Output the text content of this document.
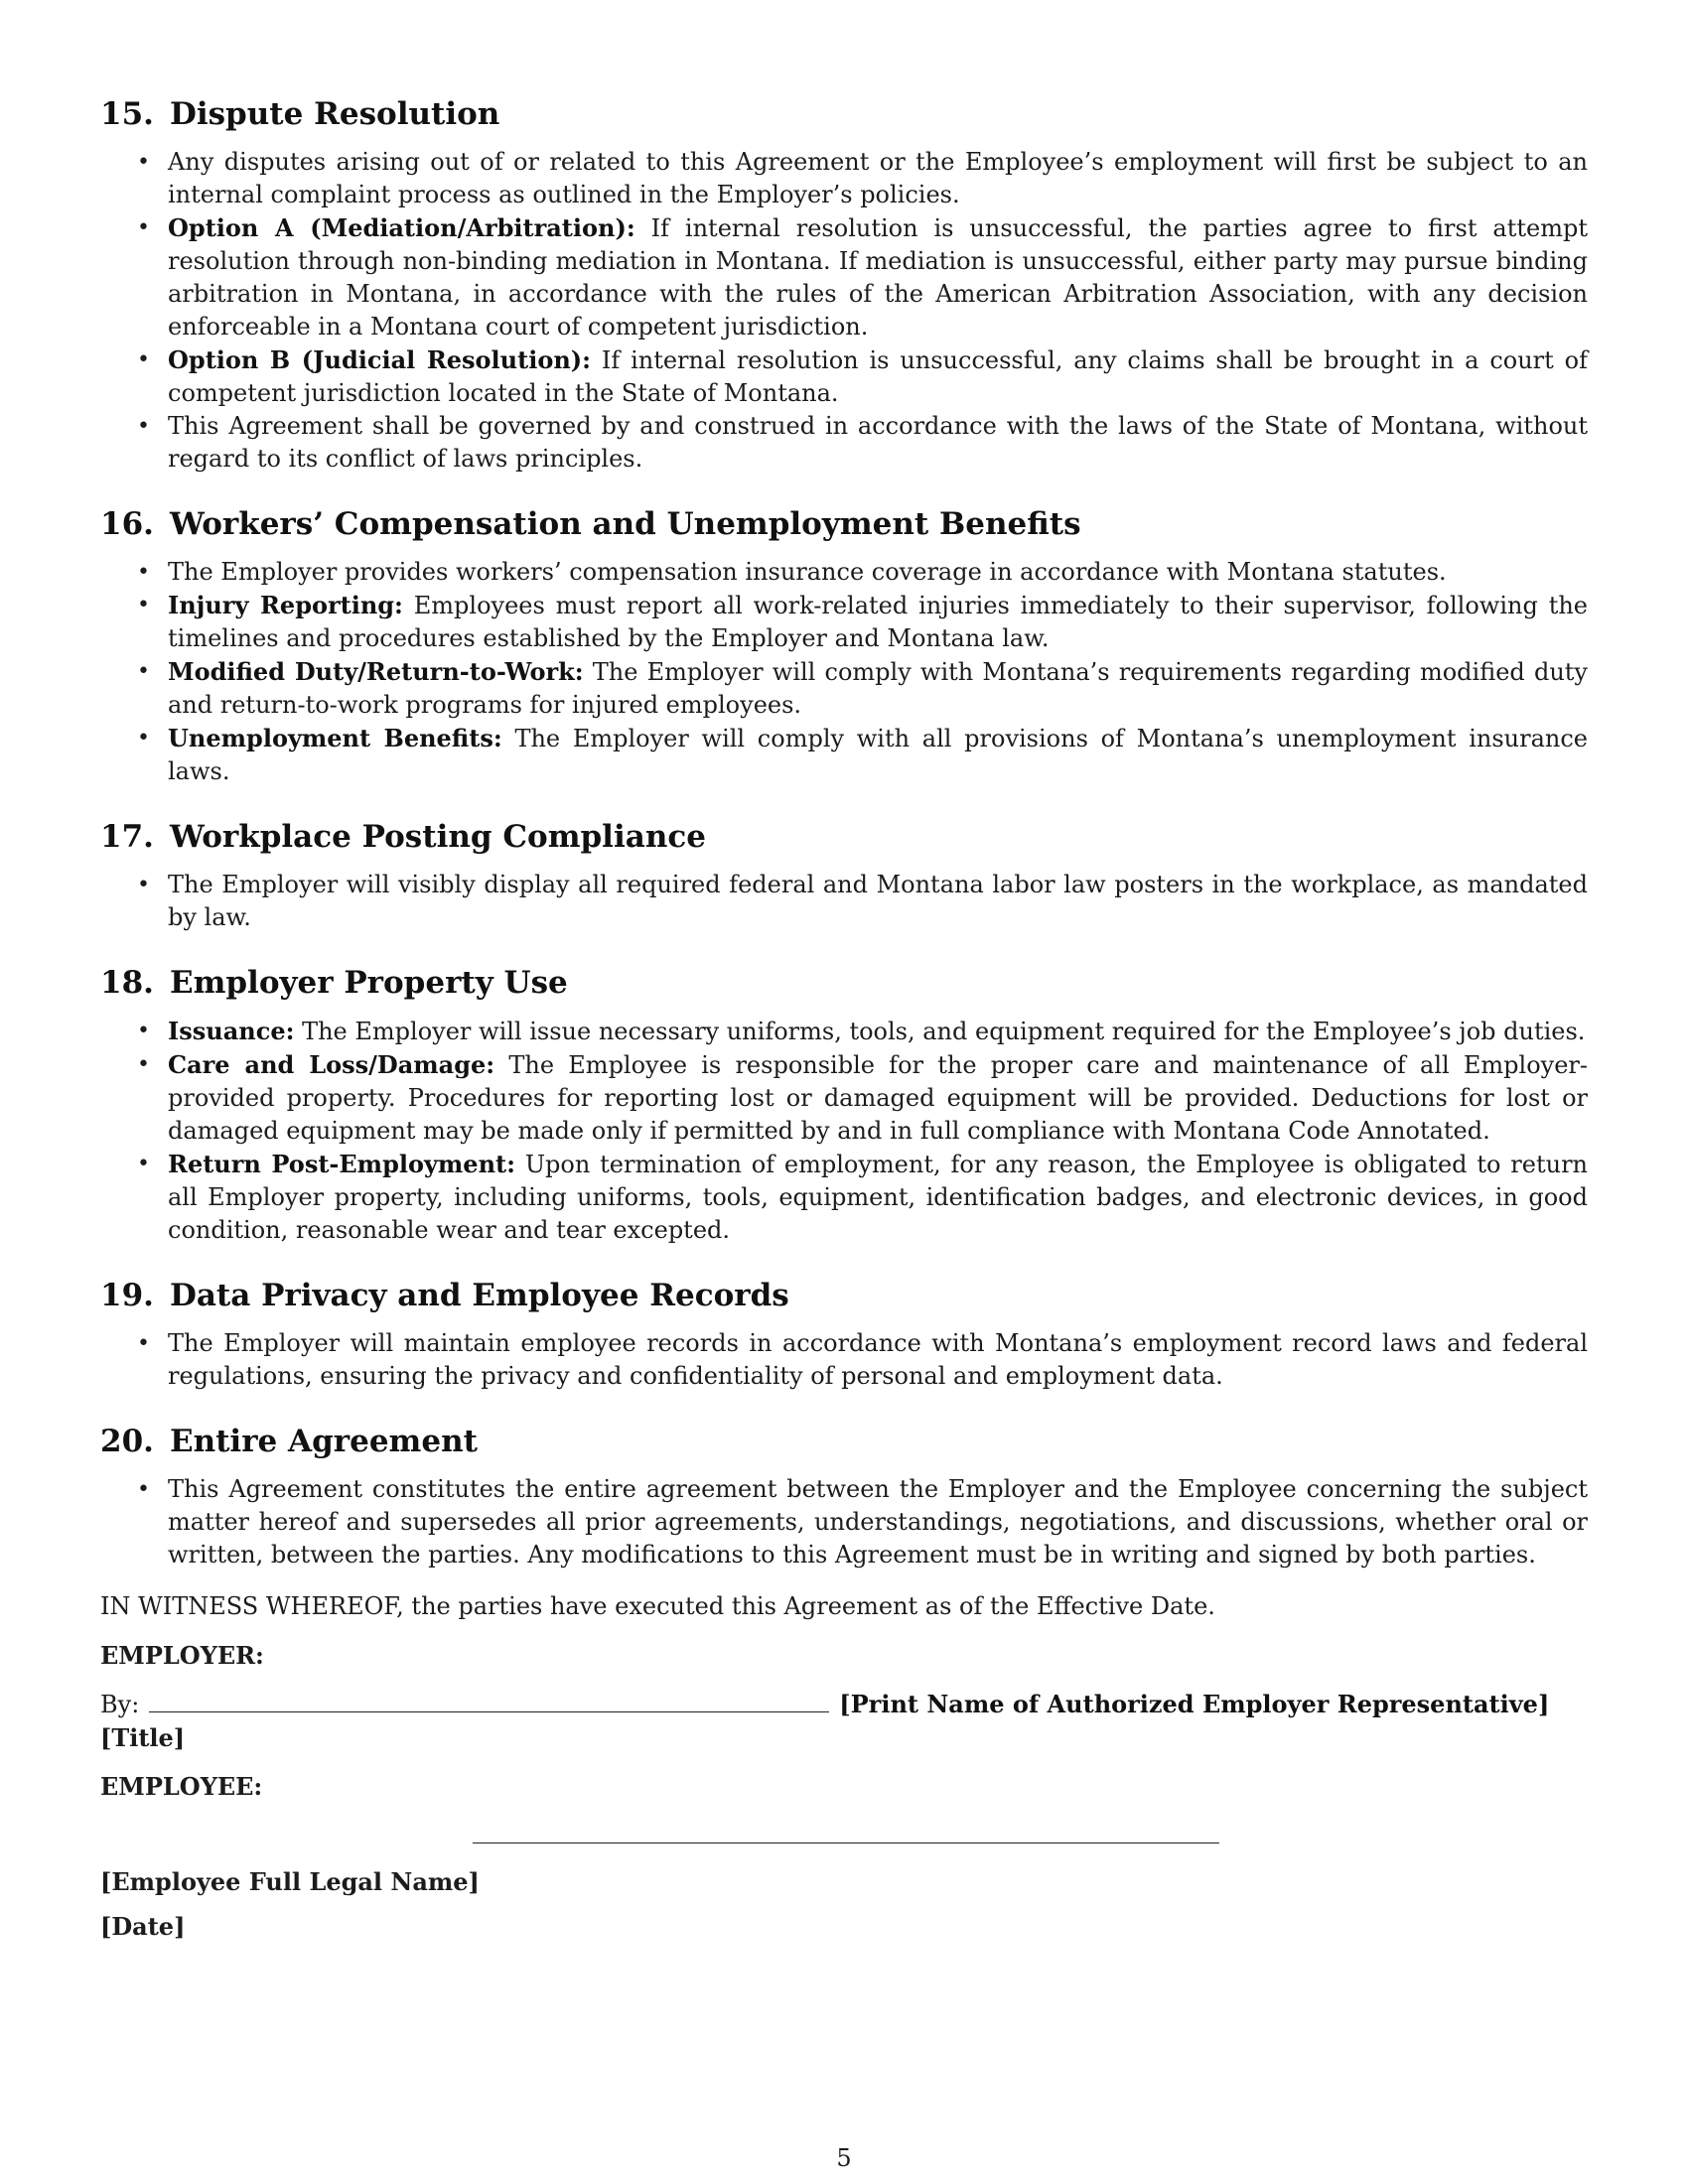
15. Dispute Resolution
• Any disputes arising out of or related to this Agreement or the Employee’s employment will first be subject to an internal complaint process as outlined in the Employer’s policies.
• Option A (Mediation/Arbitration): If internal resolution is unsuccessful, the parties agree to first attempt resolution through non-binding mediation in Montana. If mediation is unsuccessful, either party may pursue binding arbitration in Montana, in accordance with the rules of the American Arbitration Association, with any decision enforceable in a Montana court of competent jurisdiction.
• Option B (Judicial Resolution): If internal resolution is unsuccessful, any claims shall be brought in a court of competent jurisdiction located in the State of Montana.
• This Agreement shall be governed by and construed in accordance with the laws of the State of Montana, without regard to its conflict of laws principles.
16. Workers’ Compensation and Unemployment Benefits
• The Employer provides workers’ compensation insurance coverage in accordance with Montana statutes.
• Injury Reporting: Employees must report all work-related injuries immediately to their supervisor, following the timelines and procedures established by the Employer and Montana law.
• Modified Duty/Return-to-Work: The Employer will comply with Montana’s requirements regarding modified duty and return-to-work programs for injured employees.
• Unemployment Benefits: The Employer will comply with all provisions of Montana’s unemployment insurance laws.
17. Workplace Posting Compliance
• The Employer will visibly display all required federal and Montana labor law posters in the workplace, as mandated by law.
18. Employer Property Use
• Issuance: The Employer will issue necessary uniforms, tools, and equipment required for the Employee’s job duties.
• Care and Loss/Damage: The Employee is responsible for the proper care and maintenance of all Employer-provided property. Procedures for reporting lost or damaged equipment will be provided. Deductions for lost or damaged equipment may be made only if permitted by and in full compliance with Montana Code Annotated.
• Return Post-Employment: Upon termination of employment, for any reason, the Employee is obligated to return all Employer property, including uniforms, tools, equipment, identification badges, and electronic devices, in good condition, reasonable wear and tear excepted.
19. Data Privacy and Employee Records
• The Employer will maintain employee records in accordance with Montana’s employment record laws and federal regulations, ensuring the privacy and confidentiality of personal and employment data.
20. Entire Agreement
• This Agreement constitutes the entire agreement between the Employer and the Employee concerning the subject matter hereof and supersedes all prior agreements, understandings, negotiations, and discussions, whether oral or written, between the parties. Any modifications to this Agreement must be in writing and signed by both parties.

IN WITNESS WHEREOF, the parties have executed this Agreement as of the Effective Date.

EMPLOYER:
By:	[Print Name of Authorized Employer Representative]
[Title]
EMPLOYEE:
[Employee Full Legal Name]
[Date]
5
